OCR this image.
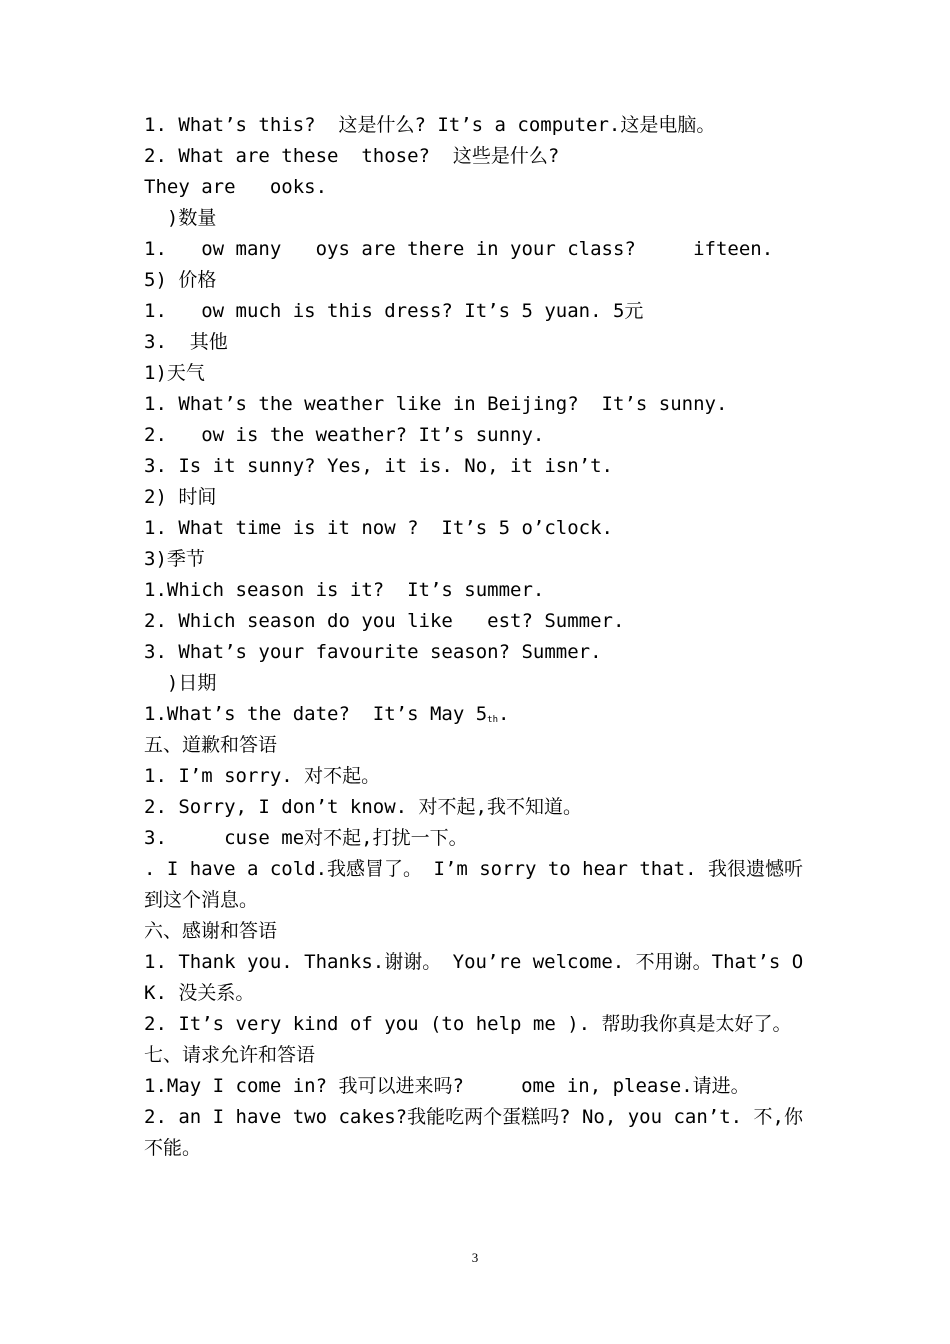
1. What’s this?  这是什么? It’s a computer.这是电脑。
2. What are these  those?  这些是什么?
They are   ooks.
)数量
1.   ow many   oys are there in your class?     ifteen.
5) 价格
1.   ow much is this dress? It’s 5 yuan. 5元
3.  其他
1)天气
1. What’s the weather like in Beijing?  It’s sunny.
2.   ow is the weather? It’s sunny.
3. Is it sunny? Yes, it is. No, it isn’t.
2) 时间
1. What time is it now ?  It’s 5 o’clock.
3)季节
1.Which season is it?  It’s summer.
2. Which season do you like   est? Summer.
3. What’s your favourite season? Summer.
)日期
1.What’s the date?  It’s May $5_{th}$.
五、道歉和答语
1. I’m sorry. 对不起。
2. Sorry, I don’t know. 对不起,我不知道。
3.     cuse me对不起,打扰一下。
. I have a cold.我感冒了。 I’m sorry to hear that. 我很遗憾听到这个消息。
六、感谢和答语
1. Thank you. Thanks.谢谢。 You’re welcome. 不用谢。That’s OK. 没关系。
2. It’s very kind of you (to help me ). 帮助我你真是太好了。
七、请求允许和答语
1.May I come in? 我可以进来吗?     ome in, please.请进。
2. an I have two cakes?我能吃两个蛋糕吗? No, you can’t. 不,你不能。
3
